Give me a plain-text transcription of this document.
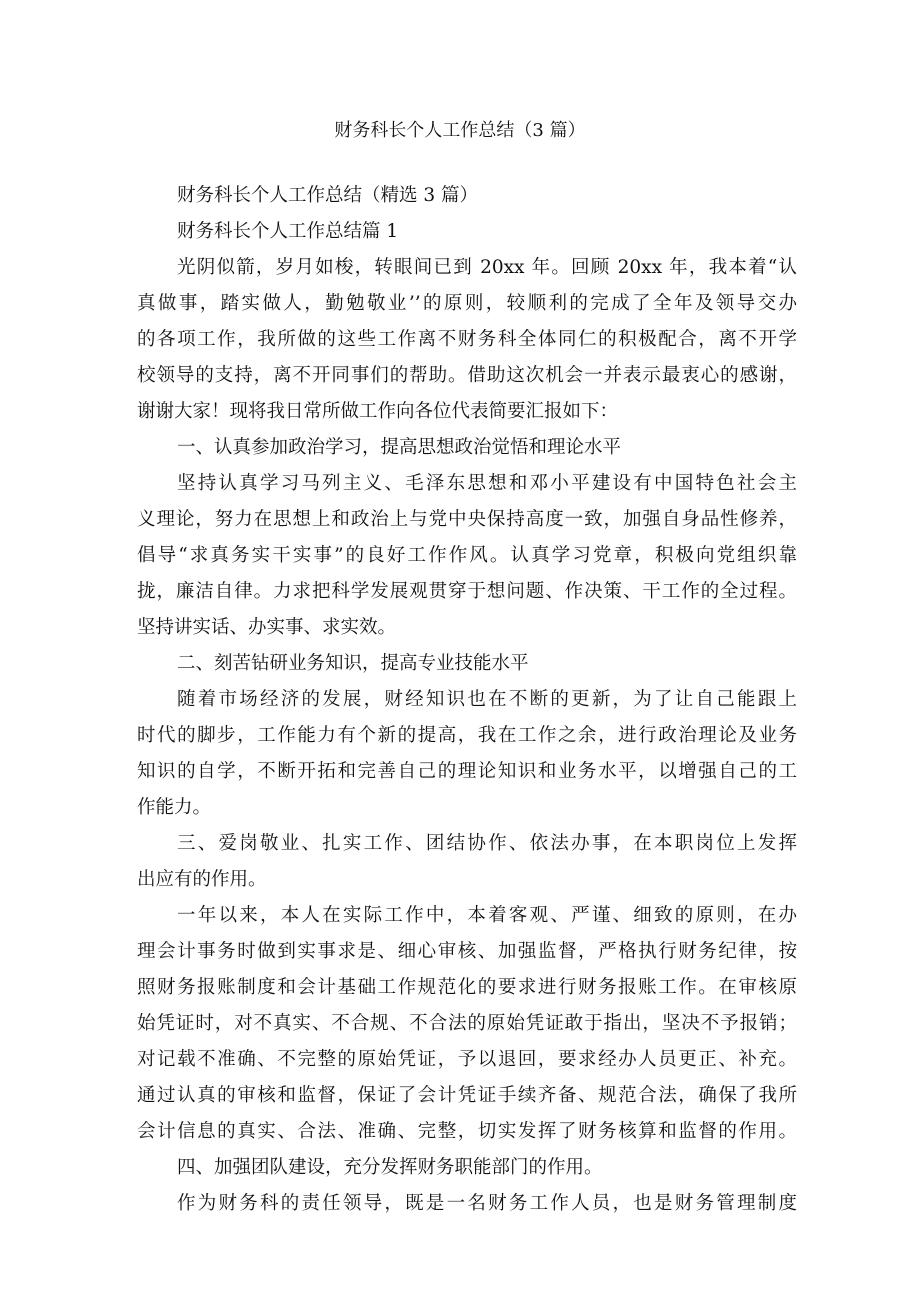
财务科长个人工作总结（3 篇）
财务科长个人工作总结（精选 3 篇）
财务科长个人工作总结篇 1
光阴似箭，岁月如梭，转眼间已到 20xx 年。回顾 20xx 年，我本着“认
真做事，踏实做人，勤勉敬业’’的原则，较顺利的完成了全年及领导交办
的各项工作，我所做的这些工作离不财务科全体同仁的积极配合，离不开学
校领导的支持，离不开同事们的帮助。借助这次机会一并表示最衷心的感谢，
谢谢大家！现将我日常所做工作向各位代表简要汇报如下：
一、认真参加政治学习，提高思想政治觉悟和理论水平
坚持认真学习马列主义、毛泽东思想和邓小平建设有中国特色社会主
义理论，努力在思想上和政治上与党中央保持高度一致，加强自身品性修养，
倡导“求真务实干实事”的良好工作作风。认真学习党章，积极向党组织靠
拢，廉洁自律。力求把科学发展观贯穿于想问题、作决策、干工作的全过程。
坚持讲实话、办实事、求实效。
二、刻苦钻研业务知识，提高专业技能水平
随着市场经济的发展，财经知识也在不断的更新，为了让自己能跟上
时代的脚步，工作能力有个新的提高，我在工作之余，进行政治理论及业务
知识的自学，不断开拓和完善自己的理论知识和业务水平，以增强自己的工
作能力。
三、爱岗敬业、扎实工作、团结协作、依法办事，在本职岗位上发挥
出应有的作用。
一年以来，本人在实际工作中，本着客观、严谨、细致的原则，在办
理会计事务时做到实事求是、细心审核、加强监督，严格执行财务纪律，按
照财务报账制度和会计基础工作规范化的要求进行财务报账工作。在审核原
始凭证时，对不真实、不合规、不合法的原始凭证敢于指出，坚决不予报销；
对记载不准确、不完整的原始凭证，予以退回，要求经办人员更正、补充。
通过认真的审核和监督，保证了会计凭证手续齐备、规范合法，确保了我所
会计信息的真实、合法、准确、完整，切实发挥了财务核算和监督的作用。
四、加强团队建设，充分发挥财务职能部门的作用。
作为财务科的责任领导，既是一名财务工作人员，也是财务管理制度
